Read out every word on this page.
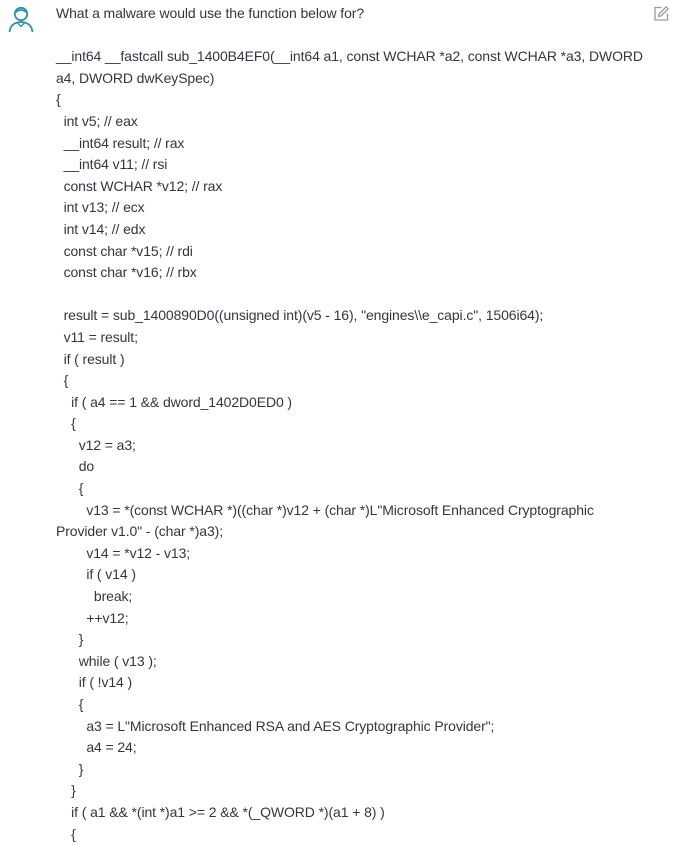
What a malware would use the function below for?

__int64 __fastcall sub_1400B4EF0(__int64 a1, const WCHAR *a2, const WCHAR *a3, DWORD
a4, DWORD dwKeySpec)
{
int v5; // eax
__int64 result; // rax
__int64 v11; // rsi
const WCHAR *v12; // rax
int v13; // ecx
int v14; // edx
const char *v15; // rdi
const char *v16; // rbx
result = sub_1400890D0((unsigned int)(v5 - 16), "engines\\e_capi.c", 1506i64);
v11 = result;
if ( result )
{
if ( a4 == 1 && dword_1402D0ED0 )
{
v12 = a3;
do
{
v13 = *(const WCHAR *)((char *)v12 + (char *)L"Microsoft Enhanced Cryptographic
Provider v1.0" - (char *)a3);
v14 = *v12 - v13;
if ( v14 )
break;
++v12;
}
while ( v13 );
if ( !v14 )
{
a3 = L"Microsoft Enhanced RSA and AES Cryptographic Provider";
a4 = 24;
}
}
if ( a1 && *(int *)a1 >= 2 && *(_QWORD *)(a1 + 8) )
{
